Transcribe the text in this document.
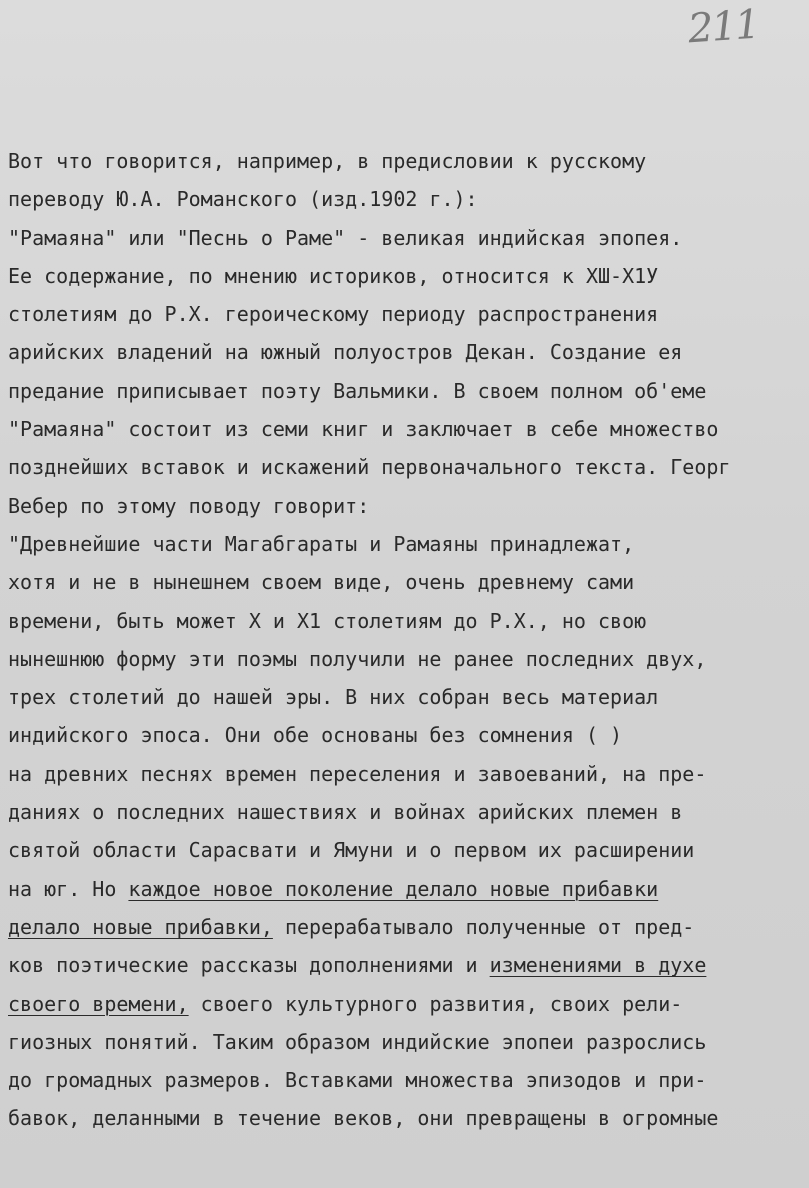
211
Вот что говорится, например, в предисловии к русскому
переводу Ю.А. Романского (изд.1902 г.):
"Рамаяна" или "Песнь о Раме" - великая индийская эпопея.
Ее содержание, по мнению историков, относится к ХШ-Х1У
столетиям до Р.Х. героическому периоду распространения
арийских владений на южный полуостров Декан. Создание ея
предание приписывает поэту Вальмики. В своем полном об'еме
"Рамаяна" состоит из семи книг и заключает в себе множество
позднейших вставок и искажений первоначального текста. Георг
Вебер по этому поводу говорит:
"Древнейшие части Магабгараты и Рамаяны принадлежат,
хотя и не в нынешнем своем виде, очень древнему сами
времени, быть может Х и Х1 столетиям до Р.Х., но свою
нынешнюю форму эти поэмы получили не ранее последних двух,
трех столетий до нашей эры. В них собран весь материал
индийского эпоса. Они обе основаны без сомнения ( )
на древних песнях времен переселения и завоеваний, на пре-
даниях о последних нашествиях и войнах арийских племен в
святой области Сарасвати и Ямуни и о первом их расширении
на юг. Но каждое новое поколение делало новые прибавки
делало новые прибавки, перерабатывало полученные от пред-
ков поэтические рассказы дополнениями и изменениями в духе
своего времени, своего культурного развития, своих рели-
гиозных понятий. Таким образом индийские эпопеи разрослись
до громадных размеров. Вставками множества эпизодов и при-
бавок, деланными в течение веков, они превращены в огромные
